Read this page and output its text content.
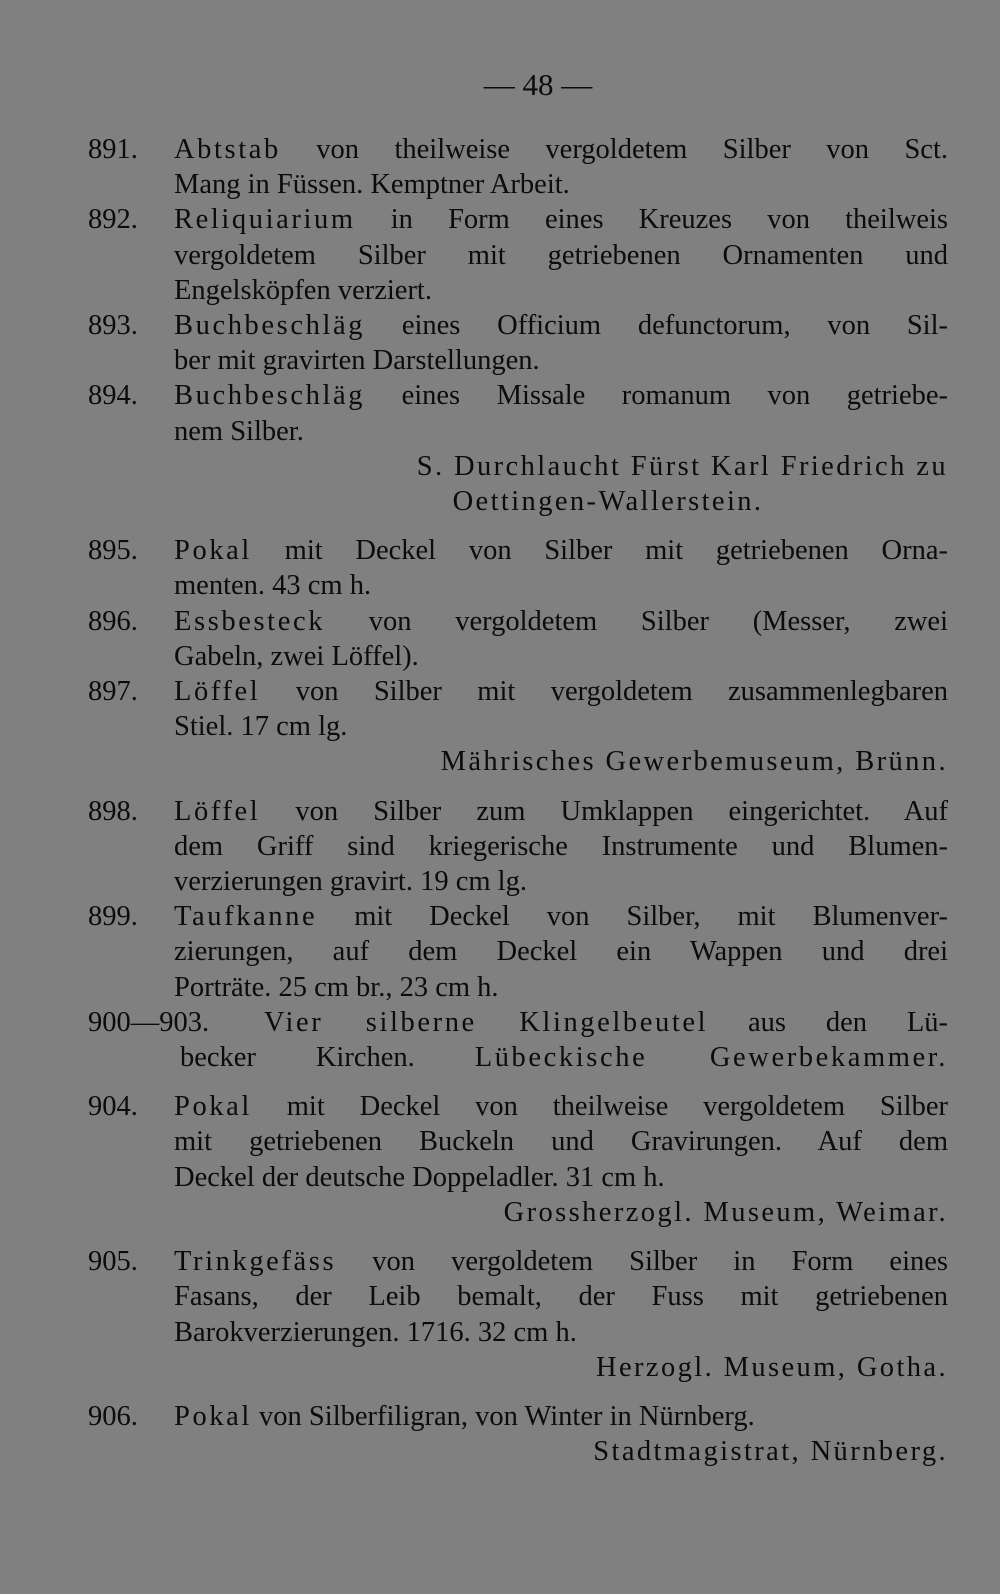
— 48 —
891. Abtstab von theilweise vergoldetem Silber von Sct.
Mang in Füssen. Kemptner Arbeit.
892. Reliquiarium in Form eines Kreuzes von theilweis
vergoldetem Silber mit getriebenen Ornamenten und
Engelsköpfen verziert.
893. Buchbeschläg eines Officium defunctorum, von Sil-
ber mit gravirten Darstellungen.
894. Buchbeschläg eines Missale romanum von getriebe-
nem Silber.
S. Durchlaucht Fürst Karl Friedrich zu
Oettingen-Wallerstein.
895. Pokal mit Deckel von Silber mit getriebenen Orna-
menten. 43 cm h.
896. Essbesteck von vergoldetem Silber (Messer, zwei
Gabeln, zwei Löffel).
897. Löffel von Silber mit vergoldetem zusammenlegbaren
Stiel. 17 cm lg.
Mährisches Gewerbemuseum, Brünn.
898. Löffel von Silber zum Umklappen eingerichtet. Auf
dem Griff sind kriegerische Instrumente und Blumen-
verzierungen gravirt. 19 cm lg.
899. Taufkanne mit Deckel von Silber, mit Blumenver-
zierungen, auf dem Deckel ein Wappen und drei
Porträte. 25 cm br., 23 cm h.
900—903. Vier silberne Klingelbeutel aus den Lü-
becker Kirchen. Lübeckische Gewerbekammer.
904. Pokal mit Deckel von theilweise vergoldetem Silber
mit getriebenen Buckeln und Gravirungen. Auf dem
Deckel der deutsche Doppeladler. 31 cm h.
Grossherzogl. Museum, Weimar.
905. Trinkgefäss von vergoldetem Silber in Form eines
Fasans, der Leib bemalt, der Fuss mit getriebenen
Barokverzierungen. 1716. 32 cm h.
Herzogl. Museum, Gotha.
906. Pokal von Silberfiligran, von Winter in Nürnberg.
Stadtmagistrat, Nürnberg.
